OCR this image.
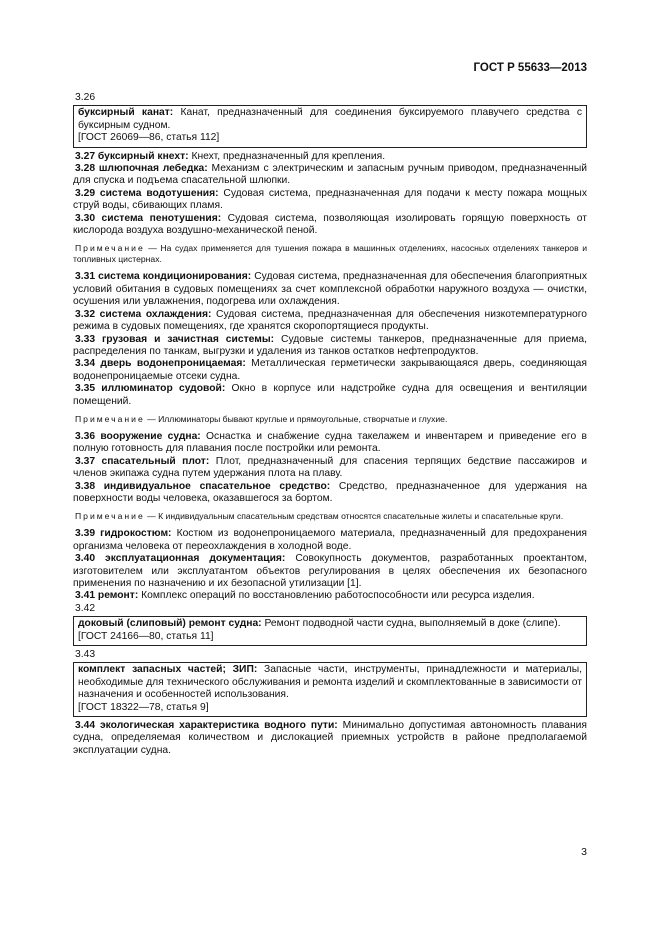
ГОСТ Р 55633—2013
3.26

буксирный канат: Канат, предназначенный для соединения буксируемого плавучего средства с буксирным судном.

[ГОСТ 26069—86, статья 112]

3.27 буксирный кнехт: Кнехт, предназначенный для крепления.

3.28 шлюпочная лебедка: Механизм с электрическим и запасным ручным приводом, предназначенный для спуска и подъема спасательной шлюпки.

3.29 система водотушения: Судовая система, предназначенная для подачи к месту пожара мощных струй воды, сбивающих пламя.

3.30 система пенотушения: Судовая система, позволяющая изолировать горящую поверхность от кислорода воздуха воздушно-механической пеной.

Примечание — На судах применяется для тушения пожара в машинных отделениях, насосных отделениях танкеров и топливных цистернах.

3.31 система кондиционирования: Судовая система, предназначенная для обеспечения благоприятных условий обитания в судовых помещениях за счет комплексной обработки наружного воздуха — очистки, осушения или увлажнения, подогрева или охлаждения.

3.32 система охлаждения: Судовая система, предназначенная для обеспечения низкотемпературного режима в судовых помещениях, где хранятся скоропортящиеся продукты.

3.33 грузовая и зачистная системы: Судовые системы танкеров, предназначенные для приема, распределения по танкам, выгрузки и удаления из танков остатков нефтепродуктов.

3.34 дверь водонепроницаемая: Металлическая герметически закрывающаяся дверь, соединяющая водонепроницаемые отсеки судна.

3.35 иллюминатор судовой: Окно в корпусе или надстройке судна для освещения и вентиляции помещений.

Примечание — Иллюминаторы бывают круглые и прямоугольные, створчатые и глухие.

3.36 вооружение судна: Оснастка и снабжение судна такелажем и инвентарем и приведение его в полную готовность для плавания после постройки или ремонта.

3.37 спасательный плот: Плот, предназначенный для спасения терпящих бедствие пассажиров и членов экипажа судна путем удержания плота на плаву.

3.38 индивидуальное спасательное средство: Средство, предназначенное для удержания на поверхности воды человека, оказавшегося за бортом.

Примечание — К индивидуальным спасательным средствам относятся спасательные жилеты и спасательные круги.

3.39 гидрокостюм: Костюм из водонепроницаемого материала, предназначенный для предохранения организма человека от переохлаждения в холодной воде.

3.40 эксплуатационная документация: Совокупность документов, разработанных проектантом, изготовителем или эксплуатантом объектов регулирования в целях обеспечения их безопасного применения по назначению и их безопасной утилизации [1].

3.41 ремонт: Комплекс операций по восстановлению работоспособности или ресурса изделия.

3.42

доковый (слиповый) ремонт судна: Ремонт подводной части судна, выполняемый в доке (слипе).

[ГОСТ 24166—80, статья 11]
3.43

комплект запасных частей; ЗИП: Запасные части, инструменты, принадлежности и материалы, необходимые для технического обслуживания и ремонта изделий и скомплектованные в зависимости от назначения и особенностей использования.

[ГОСТ 18322—78, статья 9]

3.44 экологическая характеристика водного пути: Минимально допустимая автономность плавания судна, определяемая количеством и дислокацией приемных устройств в районе предполагаемой эксплуатации судна.

3
